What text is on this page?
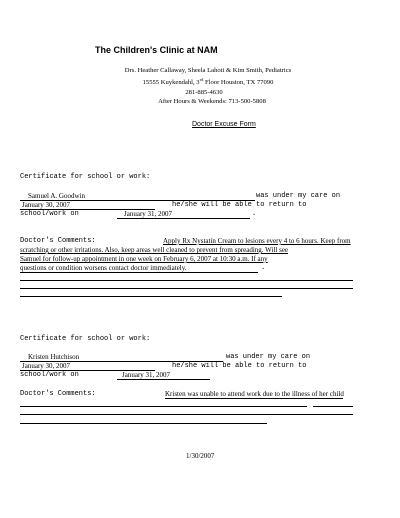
The Children's Clinic at NAM
Drs. Heather Callaway, Sheela Lahoti & Kim Smith, Pediatrics
15555 Kuykendahl, 3rd Floor Houston, TX 77090
281-885-4630
After Hours & Weekends: 713-500-5808
Doctor Excuse Form
Certificate for school or work:
Samuel A. Goodwin	was under my care on
January 30, 2007	he/she will be able to return to
school/work on	January 31, 2007	.
Doctor's Comments:	Apply Rx Nystatin Cream to lesions every 4 to 6 hours. Keep from
scratching or other irritations. Also, keep areas well cleaned to prevent from spreading. Will see
Samuel for follow-up appointment in one week on February 6, 2007 at 10:30 a.m. If any
questions or condition worsens contact doctor immediately.	.
Certificate for school or work:
Kristen Hutchison	was under my care on
January 30, 2007	he/she will be able to return to
school/work on	January 31, 2007
Doctor's Comments:	Kristen was unable to attend work due to the illness of her child
1/30/2007
